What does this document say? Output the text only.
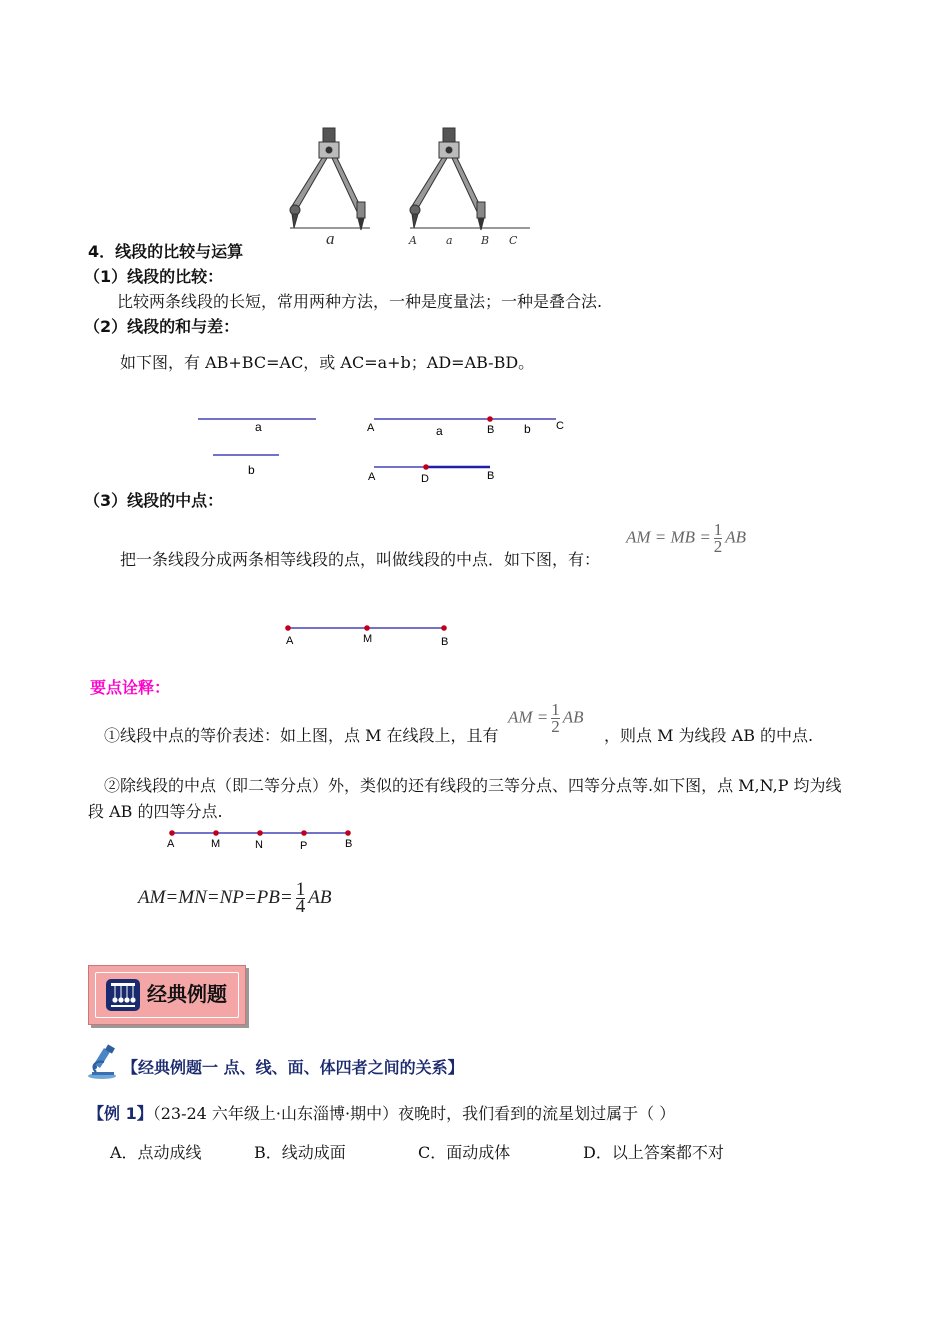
a	A	a	B C
4．线段的比较与运算
（1）线段的比较：
比较两条线段的长短，常用两种方法，一种是度量法；一种是叠合法.
（2）线段的和与差：
如下图，有 AB+BC=AC，或 AC=a+b；AD=AB-BD。
a
b
A	a	B b C
A	D	B
（3）线段的中点：
把一条线段分成两条相等线段的点，叫做线段的中点．如下图，有：
AM = MB = $\frac{1}{2}$ AB
A	M	B
要点诠释：
①线段中点的等价表述：如上图，点 M 在线段上，且有
AM = $\frac{1}{2}$ AB
，则点 M 为线段 AB 的中点.
②除线段的中点（即二等分点）外，类似的还有线段的三等分点、四等分点等.如下图，点 M,N,P 均为线
段 AB 的四等分点.
A	M	N	P	B
$AM=MN=NP=PB= \frac{1}{4}$ AB
经典例题
【经典例题一 点、线、面、体四者之间的关系】
【例 1】（23-24 六年级上·山东淄博·期中）夜晚时，我们看到的流星划过属于（ ）
A．点动成线	B．线动成面	C．面动成体	D．以上答案都不对
